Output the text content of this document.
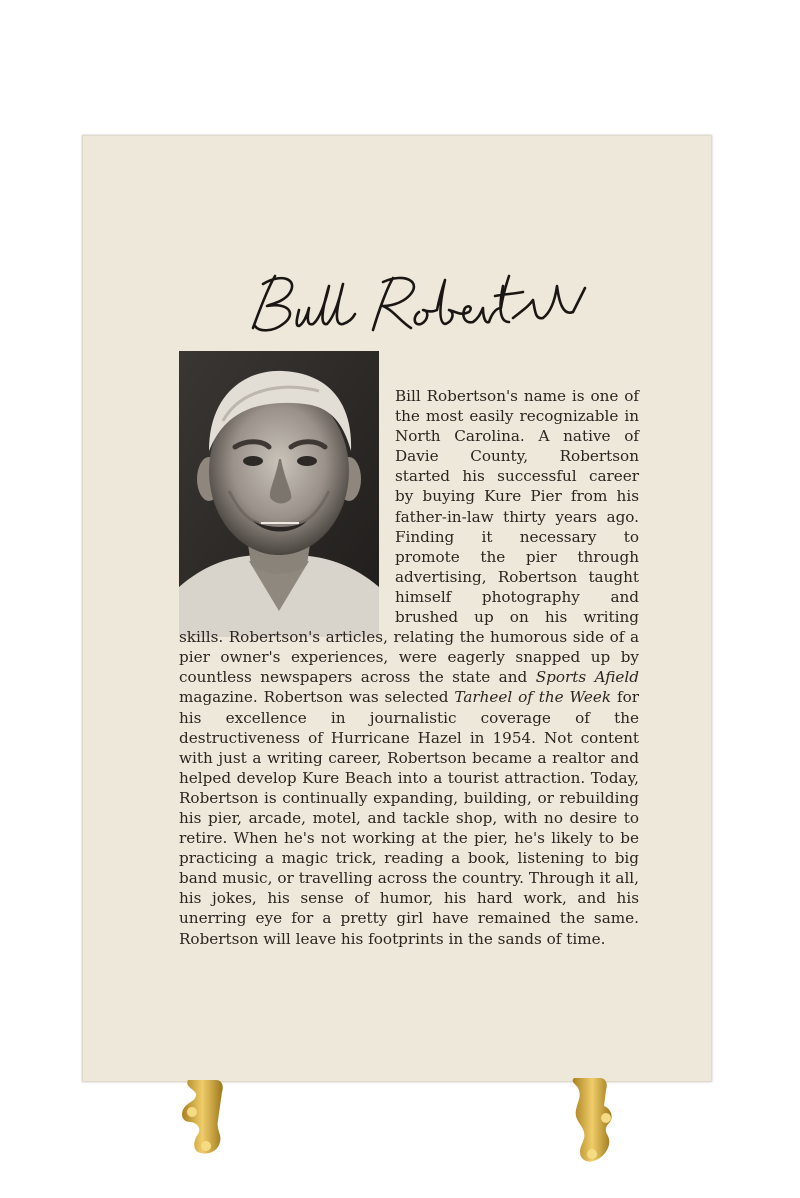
Bill Robertson's name is one of the most easily recognizable in North Carolina. A native of Davie County, Robertson started his successful career by buying Kure Pier from his father-in-law thirty years ago. Finding it necessary to promote the pier through advertising, Robertson taught himself photography and brushed up on his writing skills. Robertson's articles, relating the humorous side of a pier owner's experiences, were eagerly snapped up by countless newspapers across the state and Sports Afield magazine. Robertson was selected Tarheel of the Week for his excellence in journalistic coverage of the destructiveness of Hurricane Hazel in 1954. Not content with just a writing career, Robertson became a realtor and helped develop Kure Beach into a tourist attraction. Today, Robertson is continually expanding, building, or rebuilding his pier, arcade, motel, and tackle shop, with no desire to retire. When he's not working at the pier, he's likely to be practicing a magic trick, reading a book, listening to big band music, or travelling across the country. Through it all, his jokes, his sense of humor, his hard work, and his unerring eye for a pretty girl have remained the same. Robertson will leave his footprints in the sands of time.
